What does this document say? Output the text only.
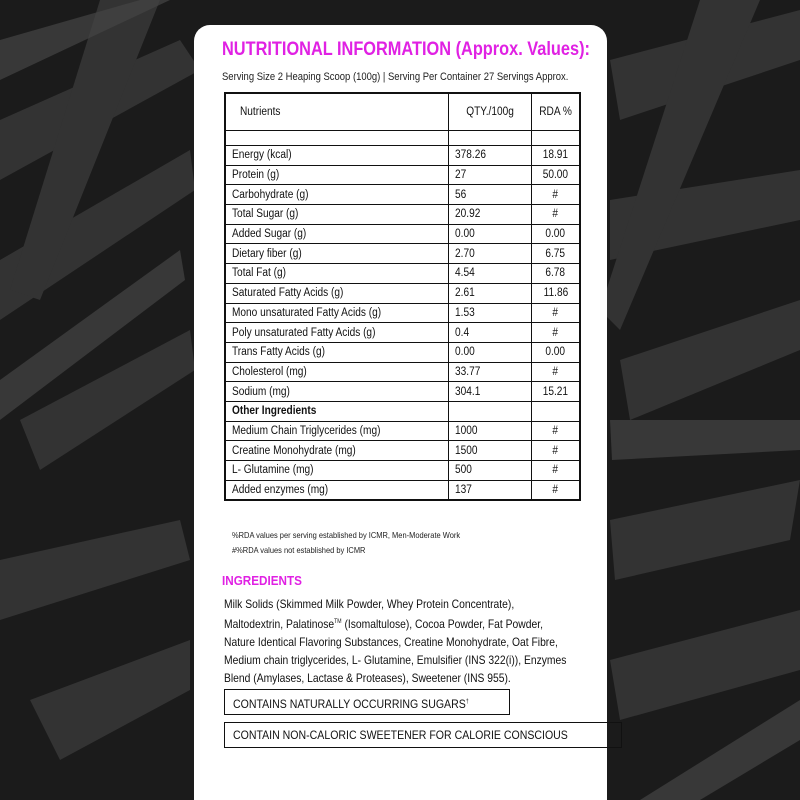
NUTRITIONAL INFORMATION (Approx. Values):
Serving Size 2 Heaping Scoop (100g) | Serving Per Container 27 Servings Approx.
Nutrients	QTY./100g	RDA %

Energy (kcal)	378.26	18.91
Protein (g)	27	50.00
Carbohydrate (g)	56	#
Total Sugar (g)	20.92	#
Added Sugar (g)	0.00	0.00
Dietary fiber (g)	2.70	6.75
Total Fat (g)	4.54	6.78
Saturated Fatty Acids (g)	2.61	11.86
Mono unsaturated Fatty Acids (g)	1.53	#
Poly unsaturated Fatty Acids (g)	0.4	#
Trans Fatty Acids (g)	0.00	0.00
Cholesterol (mg)	33.77	#
Sodium (mg)	304.1	15.21
Other Ingredients		
Medium Chain Triglycerides (mg)	1000	#
Creatine Monohydrate (mg)	1500	#
L- Glutamine (mg)	500	#
Added enzymes (mg)	137	#
%RDA values per serving established by ICMR, Men-Moderate Work
#%RDA values not established by ICMR
INGREDIENTS
Milk Solids (Skimmed Milk Powder, Whey Protein Concentrate), Maltodextrin, Palatinose™ (Isomaltulose), Cocoa Powder, Fat Powder, Nature Identical Flavoring Substances, Creatine Monohydrate, Oat Fibre, Medium chain triglycerides, L- Glutamine, Emulsifier (INS 322(i)), Enzymes Blend (Amylases, Lactase & Proteases), Sweetener (INS 955).
CONTAINS NATURALLY OCCURRING SUGARS†
CONTAIN NON-CALORIC SWEETENER FOR CALORIE CONSCIOUS
